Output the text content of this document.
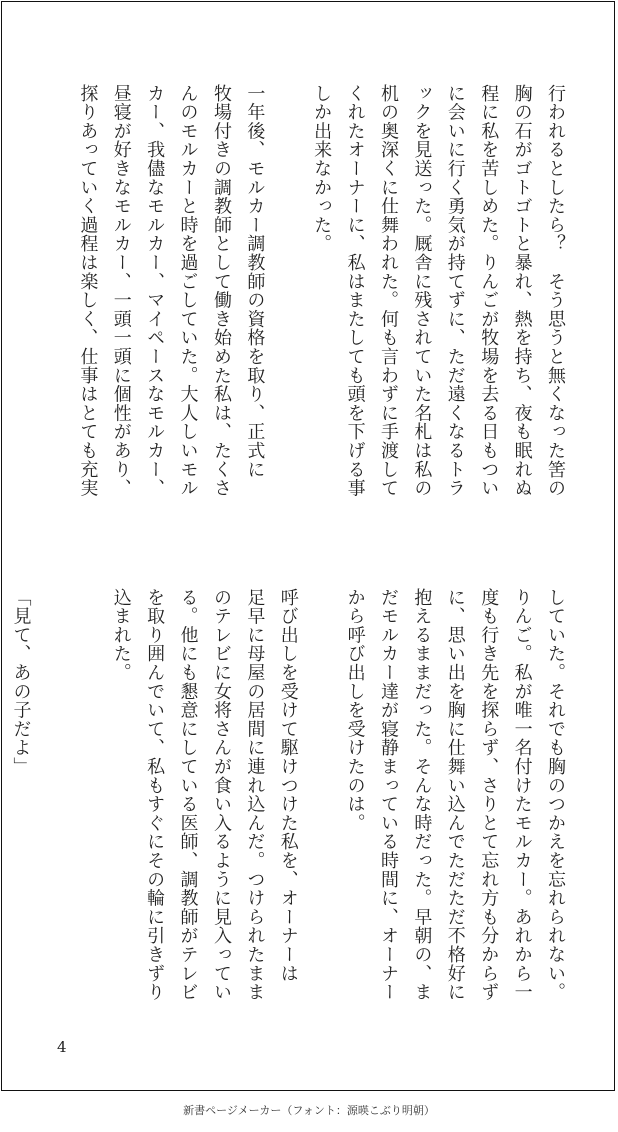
行われるとしたら？　そう思うと無くなった筈の
胸の石がゴトゴトと暴れ、熱を持ち、夜も眠れぬ
程に私を苦しめた。りんごが牧場を去る日もつい
に会いに行く勇気が持てずに、ただ遠くなるトラ
ックを見送った。厩舎に残されていた名札は私の
机の奥深くに仕舞われた。何も言わずに手渡して
くれたオーナーに、私はまたしても頭を下げる事
しか出来なかった。
一年後、モルカー調教師の資格を取り、正式に
牧場付きの調教師として働き始めた私は、たくさ
んのモルカーと時を過ごしていた。大人しいモル
カー、我儘なモルカー、マイペースなモルカー、
昼寝が好きなモルカー、一頭一頭に個性があり、
探りあっていく過程は楽しく、仕事はとても充実
していた。それでも胸のつかえを忘れられない。
りんご。私が唯一名付けたモルカー。あれから一
度も行き先を探らず、さりとて忘れ方も分からず
に、思い出を胸に仕舞い込んでただただ不格好に
抱えるままだった。そんな時だった。早朝の、ま
だモルカー達が寝静まっている時間に、オーナー
から呼び出しを受けたのは。
呼び出しを受けて駆けつけた私を、オーナーは
足早に母屋の居間に連れ込んだ。つけられたまま
のテレビに女将さんが食い入るように見入ってい
る。他にも懇意にしている医師、調教師がテレビ
を取り囲んでいて、私もすぐにその輪に引きずり
込まれた。
「見て、あの子だよ」
4
新書ページメーカー（フォント：源暎こぶり明朝）
